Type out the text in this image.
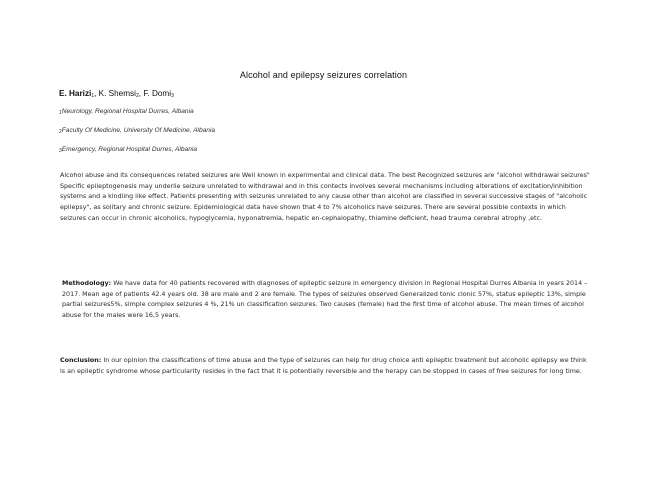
Alcohol and epilepsy seizures correlation
E. Harizi$_1$, K. Shemsi$_2$, F. Domi$_3$
$_1$Neurology, Regional Hospital Durres, Albania
$_2$Faculty Of Medicine, University Of Medicine, Albania
$_3$Emergency, Regional Hospital Durres, Albania

Alcohol abuse and its consequences related seizures are Well known in experimental and clinical data. The best Recognized seizures are "alcohol withdrawal seizures" Specific epileptogenesis may underlie seizure unrelated to withdrawal and in this contects involves several mechanisms including alterations of excitation/inhibition systems and a kindling like effect. Patients presenting with seizures unrelated to any cause other than alcohol are classified in several successive stages of "alcoholic epilepsy", as solitary and chronic seizure. Epidemiological data have shown that 4 to 7% alcoholics have seizures. There are several possible contexts in which seizures can occur in chronic alcoholics, hypoglycemia, hyponatremia, hepatic en-cephalopathy, thiamine deficient, head trauma cerebral atrophy ,etc.

Methodology: We have data for 40 patients recovered with diagnoses of epileptic seizure in emergency division in Regional Hospital Durres Albania in years 2014 – 2017. Mean age of patients 42.4 years old. 38 are male and 2 are female. The types of seizures observed Generalized tonic clonic 57%, status epileptic 13%, simple partial seizures5%, simple complex seizures 4 %, 21% un classification seizures. Two causes (female) had the first time of alcohol abuse. The mean times of alcohol abuse for the males were 16,5 years.

Conclusion: In our opinion the classifications of time abuse and the type of seizures can help for drug choice anti epileptic treatment but alcoholic epilepsy we think is an epileptic syndrome whose particularity resides in the fact that it is potentially reversible and the herapy can be stopped in cases of free seizures for long time.
